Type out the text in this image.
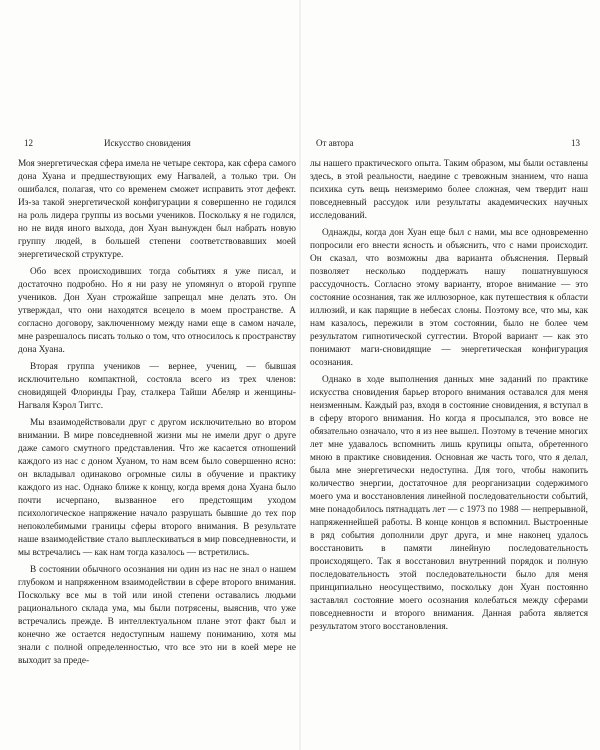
12	Искусство сновидения

Моя энергетическая сфера имела не четыре сектора, как сфера самого дона Хуана и предшествующих ему Нагвалей, а только три. Он ошибался, полагая, что со временем сможет исправить этот дефект. Из-за такой энергетической конфигурации я совершенно не годился на роль лидера группы из восьми учеников. Поскольку я не годился, но не видя иного выхода, дон Хуан вынужден был набрать новую группу людей, в большей степени соответствовавших моей энергетической структуре.

Обо всех происходивших тогда событиях я уже писал, и достаточно подробно. Но я ни разу не упомянул о второй группе учеников. Дон Хуан строжайше запрещал мне делать это. Он утверждал, что они находятся всецело в моем пространстве. А согласно договору, заключенному между нами еще в самом начале, мне разрешалось писать только о том, что относилось к пространству дона Хуана.

Вторая группа учеников — вернее, учениц, — бывшая исключительно компактной, состояла всего из трех членов: сновидящей Флоринды Грау, сталкера Тайши Абеляр и женщины-Нагваля Кэрол Тиггс.

Мы взаимодействовали друг с другом исключительно во втором внимании. В мире повседневной жизни мы не имели друг о друге даже самого смутного представления. Что же касается отношений каждого из нас с доном Хуаном, то нам всем было совершенно ясно: он вкладывал одинаково огромные силы в обучение и практику каждого из нас. Однако ближе к концу, когда время дона Хуана было почти исчерпано, вызванное его предстоящим уходом психологическое напряжение начало разрушать бывшие до тех пор непоколебимыми границы сферы второго внимания. В результате наше взаимодействие стало выплескиваться в мир повседневности, и мы встречались — как нам тогда казалось — встретились.

В состоянии обычного осознания ни один из нас не знал о нашем глубоком и напряженном взаимодействии в сфере второго внимания. Поскольку все мы в той или иной степени оставались людьми рационального склада ума, мы были потрясены, выяснив, что уже встречались прежде. В интеллектуальном плане этот факт был и конечно же остается недоступным нашему пониманию, хотя мы знали с полной определенностью, что все это ни в коей мере не выходит за преде-

От автора	13

лы нашего практического опыта. Таким образом, мы были оставлены здесь, в этой реальности, наедине с тревожным знанием, что наша психика суть вещь неизмеримо более сложная, чем твердит наш повседневный рассудок или результаты академических научных исследований.

Однажды, когда дон Хуан еще был с нами, мы все одновременно попросили его внести ясность и объяснить, что с нами происходит. Он сказал, что возможны два варианта объяснения. Первый позволяет несколько поддержать нашу пошатнувшуюся рассудочность. Согласно этому варианту, второе внимание — это состояние осознания, так же иллюзорное, как путешествия к области иллюзий, и как парящие в небесах слоны. Поэтому все, что мы, как нам казалось, пережили в этом состоянии, было не более чем результатом гипнотической суггестии. Второй вариант — как это понимают маги-сновидящие — энергетическая конфигурация осознания.

Однако в ходе выполнения данных мне заданий по практике искусства сновидения барьер второго внимания оставался для меня неизменным. Каждый раз, входя в состояние сновидения, я вступал в в сферу второго внимания. Но когда я просыпался, это вовсе не обязательно означало, что я из нее вышел. Поэтому в течение многих лет мне удавалось вспомнить лишь крупицы опыта, обретенного мною в практике сновидения. Основная же часть того, что я делал, была мне энергетически недоступна. Для того, чтобы накопить количество энергии, достаточное для реорганизации содержимого моего ума и восстановления линейной последовательности событий, мне понадобилось пятнадцать лет — с 1973 по 1988 — непрерывной, напряженнейшей работы. В конце концов я вспомнил. Выстроенные в ряд события дополнили друг друга, и мне наконец удалось восстановить в памяти линейную последовательность происходящего. Так я восстановил внутренний порядок и полную последовательность этой последовательности было для меня принципиально неосуществимо, поскольку дон Хуан постоянно заставлял состояние моего осознания колебаться между сферами повседневности и второго внимания. Данная работа является результатом этого восстановления.
